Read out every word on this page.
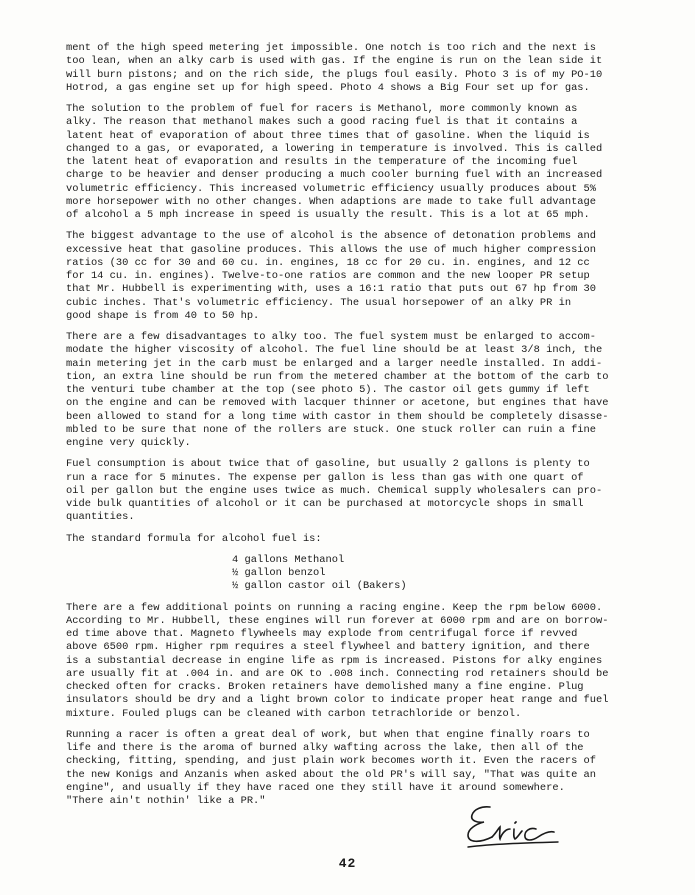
ment of the high speed metering jet impossible. One notch is too rich and the next is
too lean, when an alky carb is used with gas. If the engine is run on the lean side it
will burn pistons; and on the rich side, the plugs foul easily. Photo 3 is of my PO-10
Hotrod, a gas engine set up for high speed. Photo 4 shows a Big Four set up for gas.

The solution to the problem of fuel for racers is Methanol, more commonly known as
alky. The reason that methanol makes such a good racing fuel is that it contains a
latent heat of evaporation of about three times that of gasoline. When the liquid is
changed to a gas, or evaporated, a lowering in temperature is involved. This is called
the latent heat of evaporation and results in the temperature of the incoming fuel
charge to be heavier and denser producing a much cooler burning fuel with an increased
volumetric efficiency. This increased volumetric efficiency usually produces about 5%
more horsepower with no other changes. When adaptions are made to take full advantage
of alcohol a 5 mph increase in speed is usually the result. This is a lot at 65 mph.

The biggest advantage to the use of alcohol is the absence of detonation problems and
excessive heat that gasoline produces. This allows the use of much higher compression
ratios (30 cc for 30 and 60 cu. in. engines, 18 cc for 20 cu. in. engines, and 12 cc
for 14 cu. in. engines). Twelve-to-one ratios are common and the new looper PR setup
that Mr. Hubbell is experimenting with, uses a 16:1 ratio that puts out 67 hp from 30
cubic inches. That's volumetric efficiency. The usual horsepower of an alky PR in
good shape is from 40 to 50 hp.

There are a few disadvantages to alky too. The fuel system must be enlarged to accom-
modate the higher viscosity of alcohol. The fuel line should be at least 3/8 inch, the
main metering jet in the carb must be enlarged and a larger needle installed. In addi-
tion, an extra line should be run from the metered chamber at the bottom of the carb to
the venturi tube chamber at the top (see photo 5). The castor oil gets gummy if left
on the engine and can be removed with lacquer thinner or acetone, but engines that have
been allowed to stand for a long time with castor in them should be completely disasse-
mbled to be sure that none of the rollers are stuck. One stuck roller can ruin a fine
engine very quickly.

Fuel consumption is about twice that of gasoline, but usually 2 gallons is plenty to
run a race for 5 minutes. The expense per gallon is less than gas with one quart of
oil per gallon but the engine uses twice as much. Chemical supply wholesalers can pro-
vide bulk quantities of alcohol or it can be purchased at motorcycle shops in small
quantities.

The standard formula for alcohol fuel is:

4 gallons Methanol
½ gallon benzol
½ gallon castor oil (Bakers)

There are a few additional points on running a racing engine. Keep the rpm below 6000.
According to Mr. Hubbell, these engines will run forever at 6000 rpm and are on borrow-
ed time above that. Magneto flywheels may explode from centrifugal force if revved
above 6500 rpm. Higher rpm requires a steel flywheel and battery ignition, and there
is a substantial decrease in engine life as rpm is increased. Pistons for alky engines
are usually fit at .004 in. and are OK to .008 inch. Connecting rod retainers should be
checked often for cracks. Broken retainers have demolished many a fine engine. Plug
insulators should be dry and a light brown color to indicate proper heat range and fuel
mixture. Fouled plugs can be cleaned with carbon tetrachloride or benzol.

Running a racer is often a great deal of work, but when that engine finally roars to
life and there is the aroma of burned alky wafting across the lake, then all of the
checking, fitting, spending, and just plain work becomes worth it. Even the racers of
the new Konigs and Anzanis when asked about the old PR's will say, "That was quite an
engine", and usually if they have raced one they still have it around somewhere.
"There ain't nothin' like a PR."

42
